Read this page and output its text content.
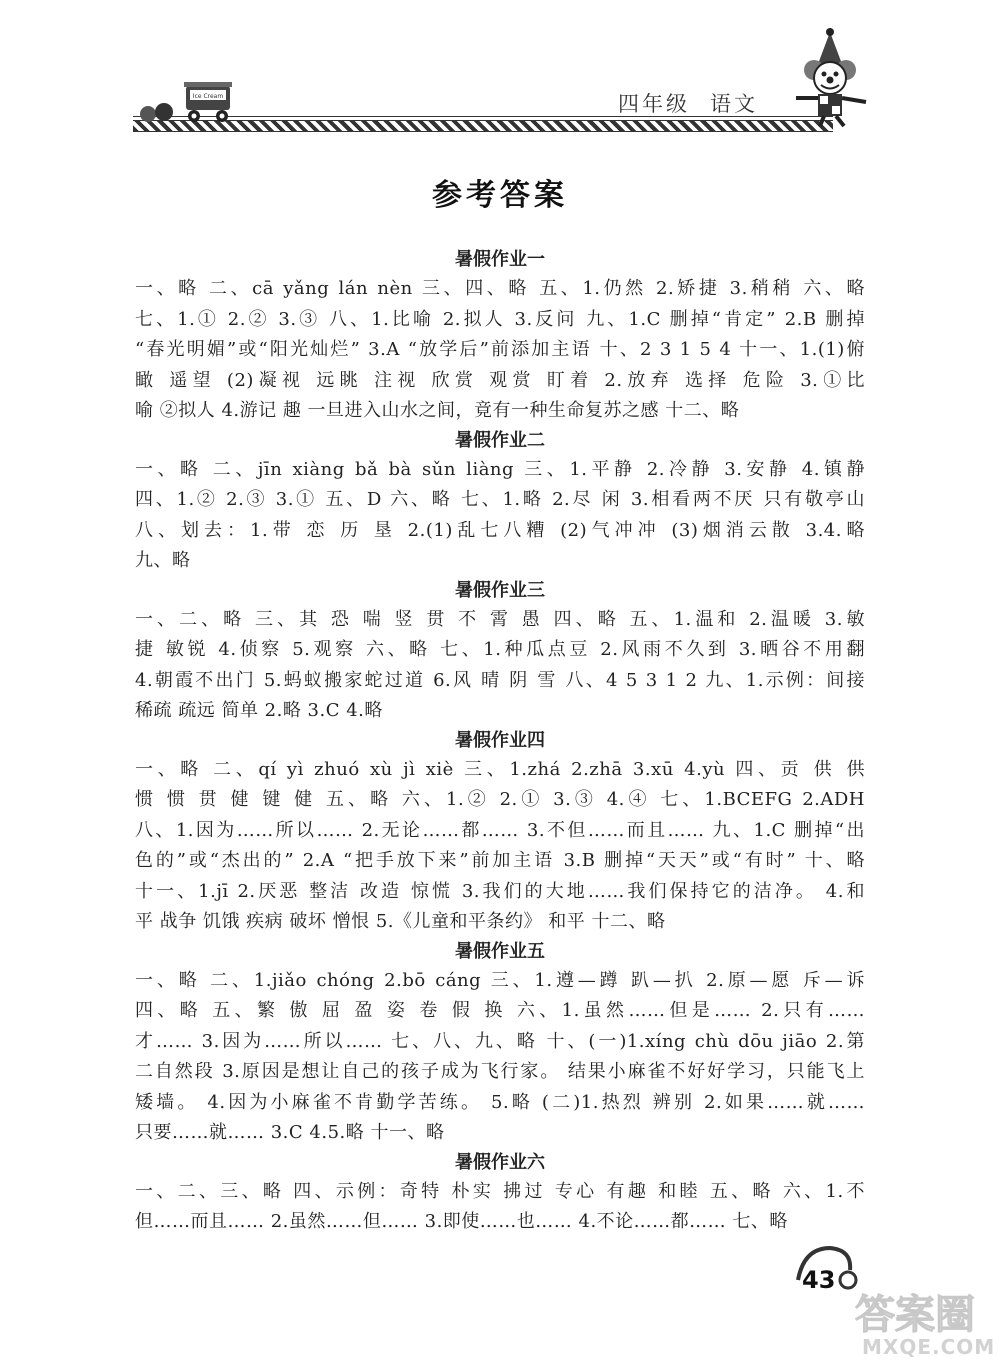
Ice Cream	四年级 语文
参考答案
暑假作业一
一、略 二、cā yǎng lán nèn 三、四、略 五、1.仍然 2.矫捷 3.稍稍 六、略
七、1.① 2.② 3.③ 八、1.比喻 2.拟人 3.反问 九、1.C 删掉“肯定” 2.B 删掉
“春光明媚”或“阳光灿烂” 3.A “放学后”前添加主语 十、2 3 1 5 4 十一、1.(1)俯
瞰 遥望 (2)凝视 远眺 注视 欣赏 观赏 盯着 2.放弃 选择 危险 3.①比
喻 ②拟人 4.游记 趣 一旦进入山水之间，竟有一种生命复苏之感 十二、略
暑假作业二
一、略 二、jīn xiàng bǎ bà sǔn liàng 三、1.平静 2.冷静 3.安静 4.镇静
四、1.② 2.③ 3.① 五、D 六、略 七、1.略 2.尽 闲 3.相看两不厌 只有敬亭山
八、划去：1.带 恋 历 垦 2.(1)乱七八糟 (2)气冲冲 (3)烟消云散 3.4.略
九、略
暑假作业三
一、二、略 三、其 恐 喘 竖 贯 不 霄 愚 四、略 五、1.温和 2.温暖 3.敏
捷 敏锐 4.侦察 5.观察 六、略 七、1.种瓜点豆 2.风雨不久到 3.晒谷不用翻
4.朝霞不出门 5.蚂蚁搬家蛇过道 6.风 晴 阴 雪 八、4 5 3 1 2 九、1.示例：间接
稀疏 疏远 简单 2.略 3.C 4.略
暑假作业四
一、略 二、qí yì zhuó xù jì xiè 三、1.zhá 2.zhā 3.xū 4.yù 四、贡 供 供
惯 惯 贯 健 键 健 五、略 六、1.② 2.① 3.③ 4.④ 七、1.BCEFG 2.ADH
八、1.因为……所以…… 2.无论……都…… 3.不但……而且…… 九、1.C 删掉“出
色的”或“杰出的” 2.A “把手放下来”前加主语 3.B 删掉“天天”或“有时” 十、略
十一、1.jī 2.厌恶 整洁 改造 惊慌 3.我们的大地……我们保持它的洁净。 4.和
平 战争 饥饿 疾病 破坏 憎恨 5.《儿童和平条约》 和平 十二、略
暑假作业五
一、略 二、1.jiǎo chóng 2.bō cáng 三、1.遵—蹲 趴—扒 2.原—愿 斥—诉
四、略 五、繁 傲 屈 盈 姿 卷 假 换 六、1.虽然……但是…… 2.只有……
才…… 3.因为……所以…… 七、八、九、略 十、(一)1.xíng chù dōu jiāo 2.第
二自然段 3.原因是想让自己的孩子成为飞行家。 结果小麻雀不好好学习，只能飞上
矮墙。 4.因为小麻雀不肯勤学苦练。 5.略 (二)1.热烈 辨别 2.如果……就……
只要……就…… 3.C 4.5.略 十一、略
暑假作业六
一、二、三、略 四、示例：奇特 朴实 拂过 专心 有趣 和睦 五、略 六、1.不
但……而且…… 2.虽然……但…… 3.即使……也…… 4.不论……都…… 七、略
43
答案圈
MXQE.COM
